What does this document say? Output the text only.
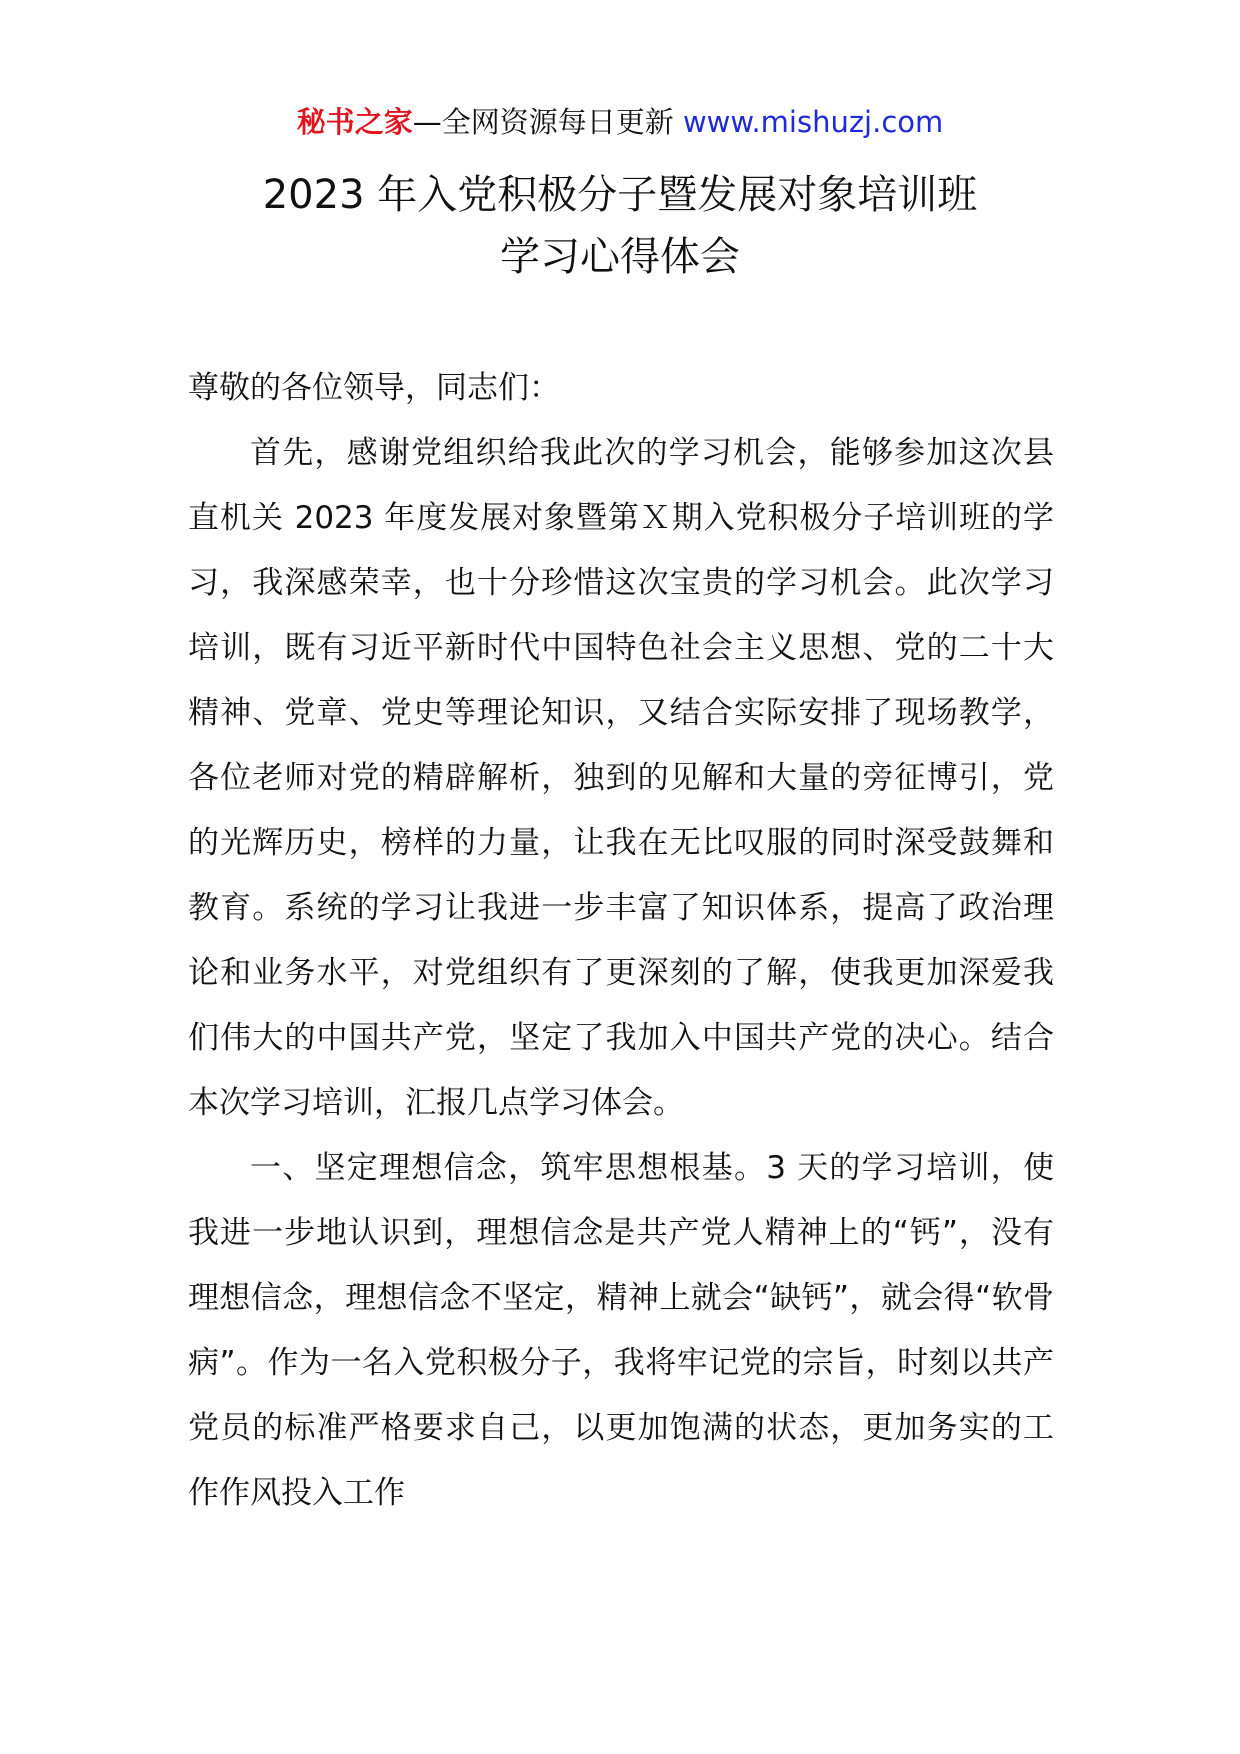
秘书之家—全网资源每日更新 www.mishuzj.com
2023 年入党积极分子暨发展对象培训班
学习心得体会

尊敬的各位领导，同志们：

首先，感谢党组织给我此次的学习机会，能够参加这次县直机关 2023 年度发展对象暨第Ｘ期入党积极分子培训班的学习，我深感荣幸，也十分珍惜这次宝贵的学习机会。此次学习培训，既有习近平新时代中国特色社会主义思想、党的二十大精神、党章、党史等理论知识，又结合实际安排了现场教学，各位老师对党的精辟解析，独到的见解和大量的旁征博引，党的光辉历史，榜样的力量，让我在无比叹服的同时深受鼓舞和教育。系统的学习让我进一步丰富了知识体系，提高了政治理论和业务水平，对党组织有了更深刻的了解，使我更加深爱我们伟大的中国共产党，坚定了我加入中国共产党的决心。结合本次学习培训，汇报几点学习体会。

一、坚定理想信念，筑牢思想根基。3 天的学习培训，使我进一步地认识到，理想信念是共产党人精神上的“钙”，没有理想信念，理想信念不坚定，精神上就会“缺钙”，就会得“软骨病”。作为一名入党积极分子，我将牢记党的宗旨，时刻以共产党员的标准严格要求自己，以更加饱满的状态，更加务实的工作作风投入工作
